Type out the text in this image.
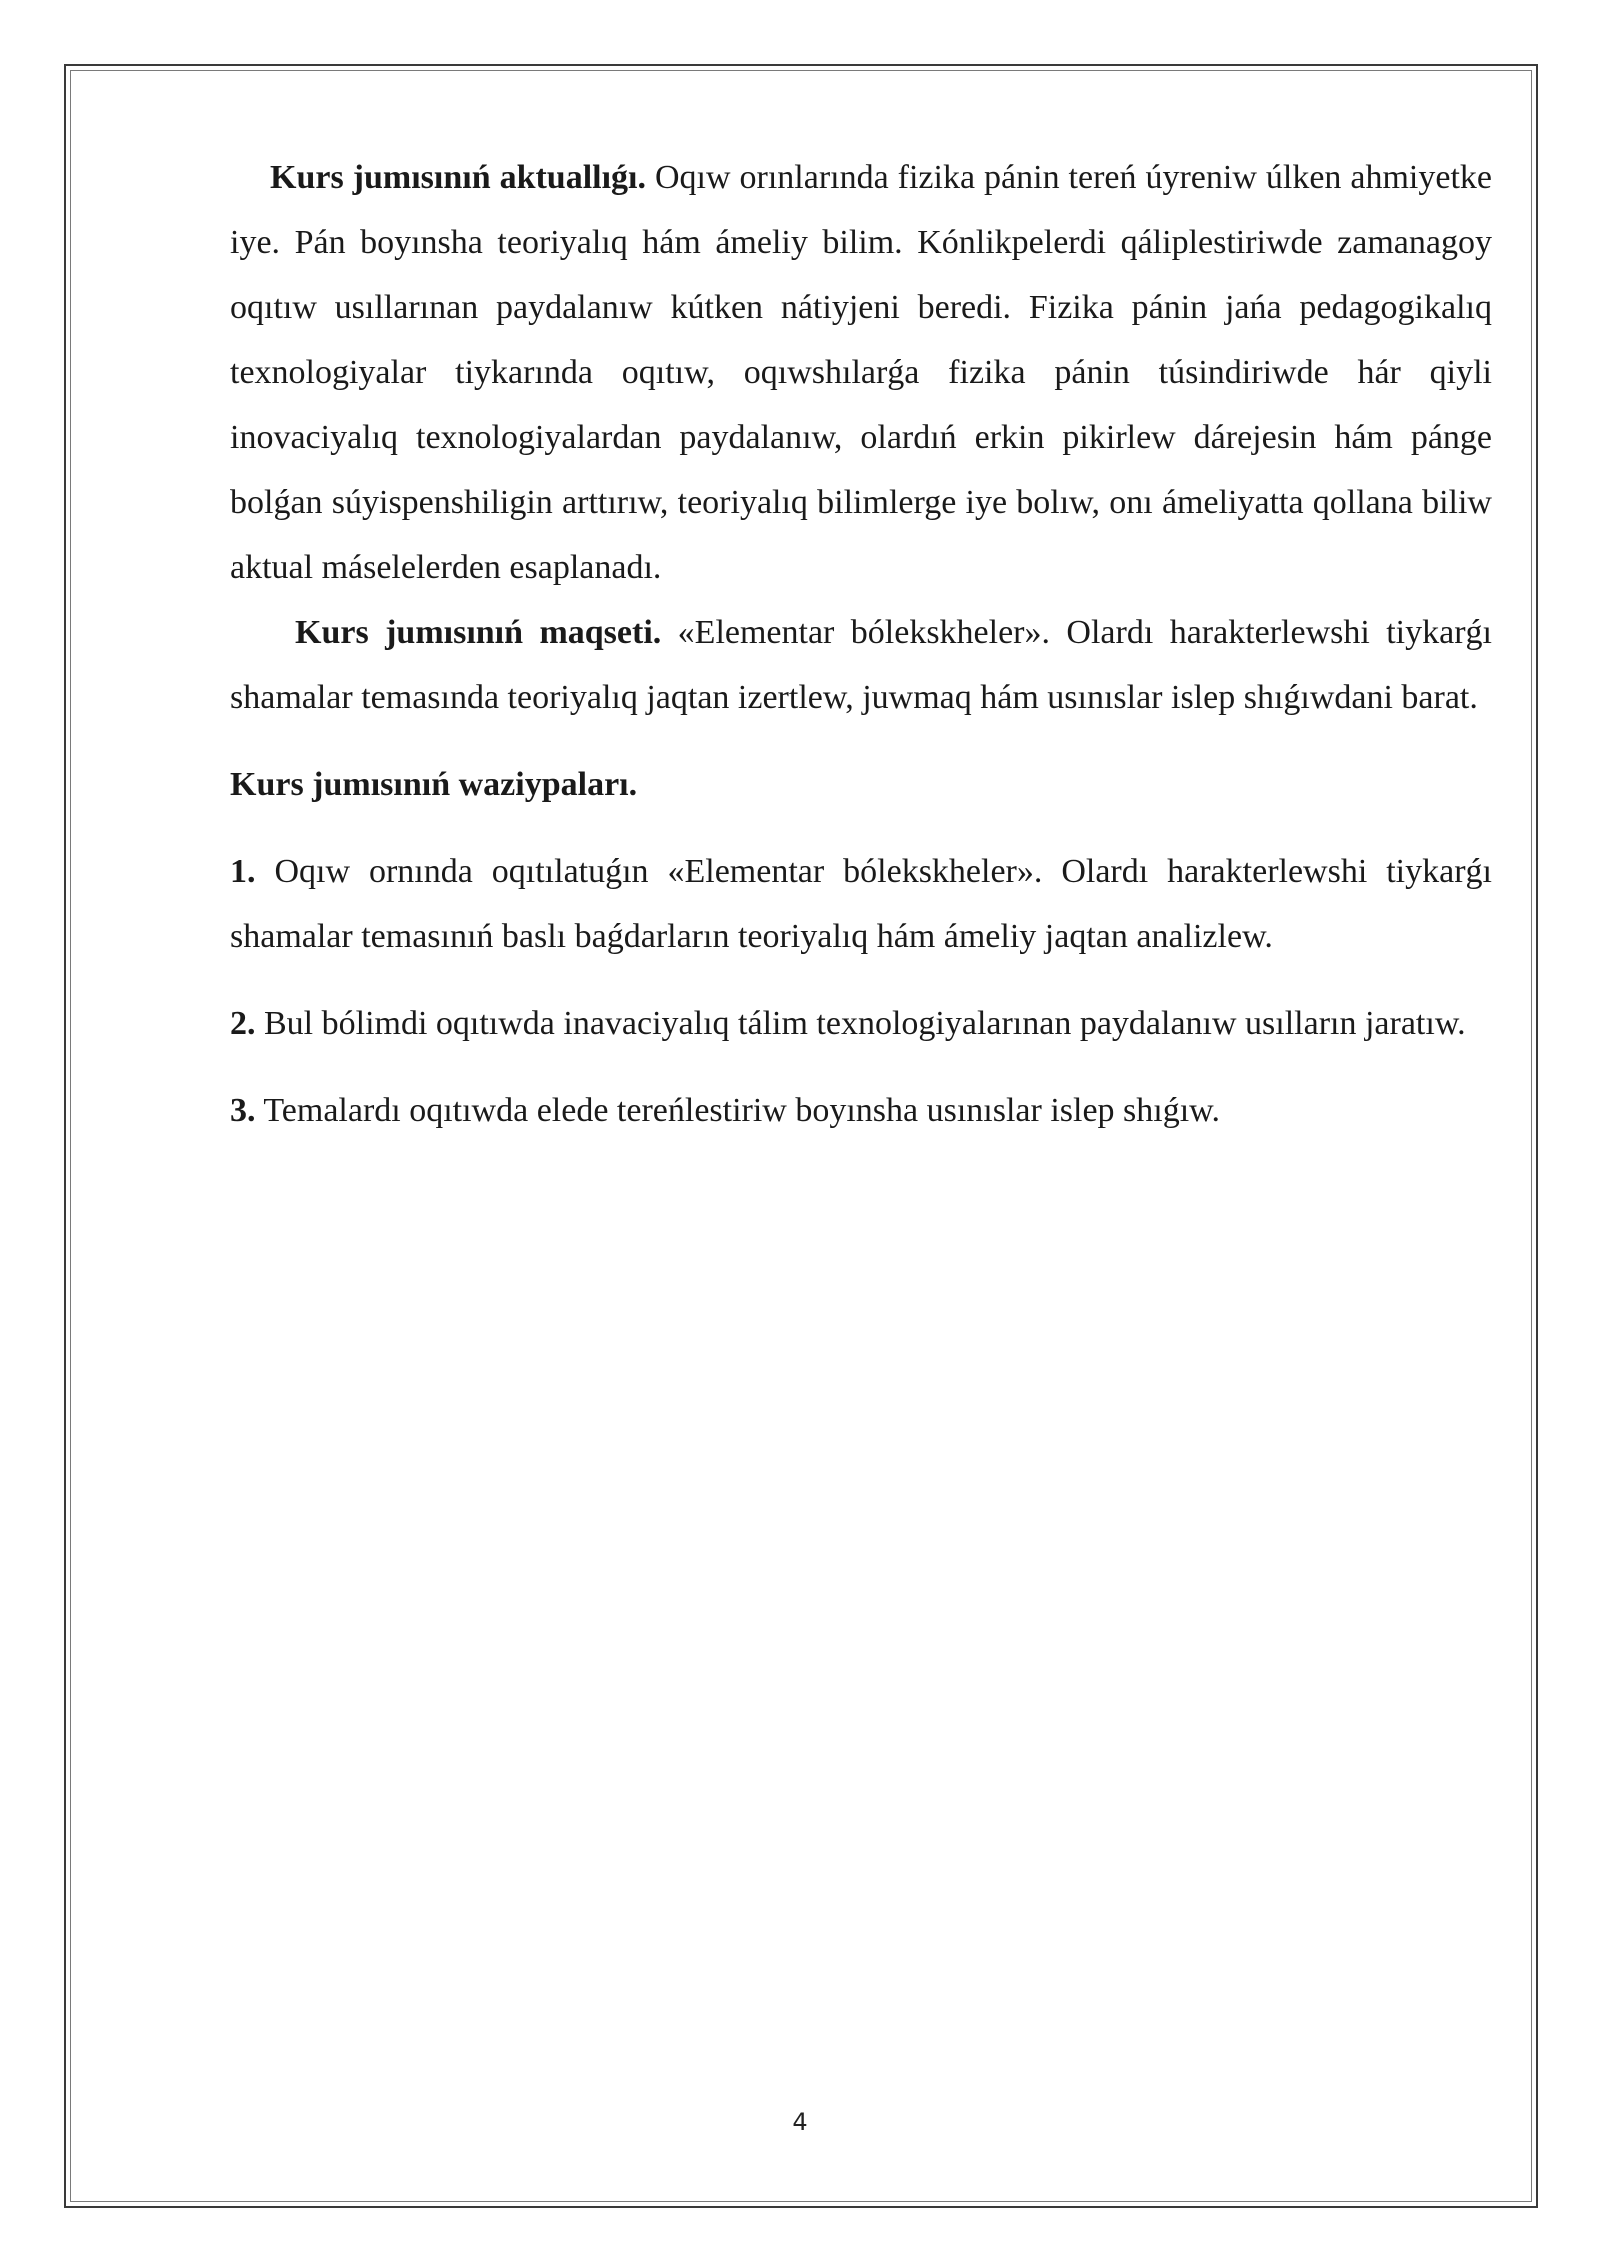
Kurs jumısınıń aktuallıǵı. Oqıw orınlarında fizika pánin tereń úyreniw úlken ahmiyetke iye. Pán boyınsha teoriyalıq hám ámeliy bilim. Kónlikpelerdi qáliplestiriwde zamanagoy oqıtıw usıllarınan paydalanıw kútken nátiyjeni beredi. Fizika pánin jańa pedagogikalıq texnologiyalar tiykarında oqıtıw, oqıwshılarǵa fizika pánin túsindiriwde hár qiyli inovaciyalıq texnologiyalardan paydalanıw, olardıń erkin pikirlew dárejesin hám pánge bolǵan súyispenshiligin arttırıw, teoriyalıq bilimlerge iye bolıw, onı ámeliyatta qollana biliw aktual máselelerden esaplanadı.

Kurs jumısınıń maqseti. «Elementar bólekskheler». Olardı harakterlewshi tiykarǵı shamalar temasında teoriyalıq jaqtan izertlew, juwmaq hám usınıslar islep shıǵıwdani barat.

Kurs jumısınıń waziypaları.

1. Oqıw ornında oqıtılatuǵın «Elementar bólekskheler». Olardı harakterlewshi tiykarǵı shamalar temasınıń baslı baǵdarların teoriyalıq hám ámeliy jaqtan analizlew.

2. Bul bólimdi oqıtıwda inavaciyalıq tálim texnologiyalarınan paydalanıw usılların jaratıw.

3. Temalardı oqıtıwda elede tereńlestiriw boyınsha usınıslar islep shıǵıw.

4
